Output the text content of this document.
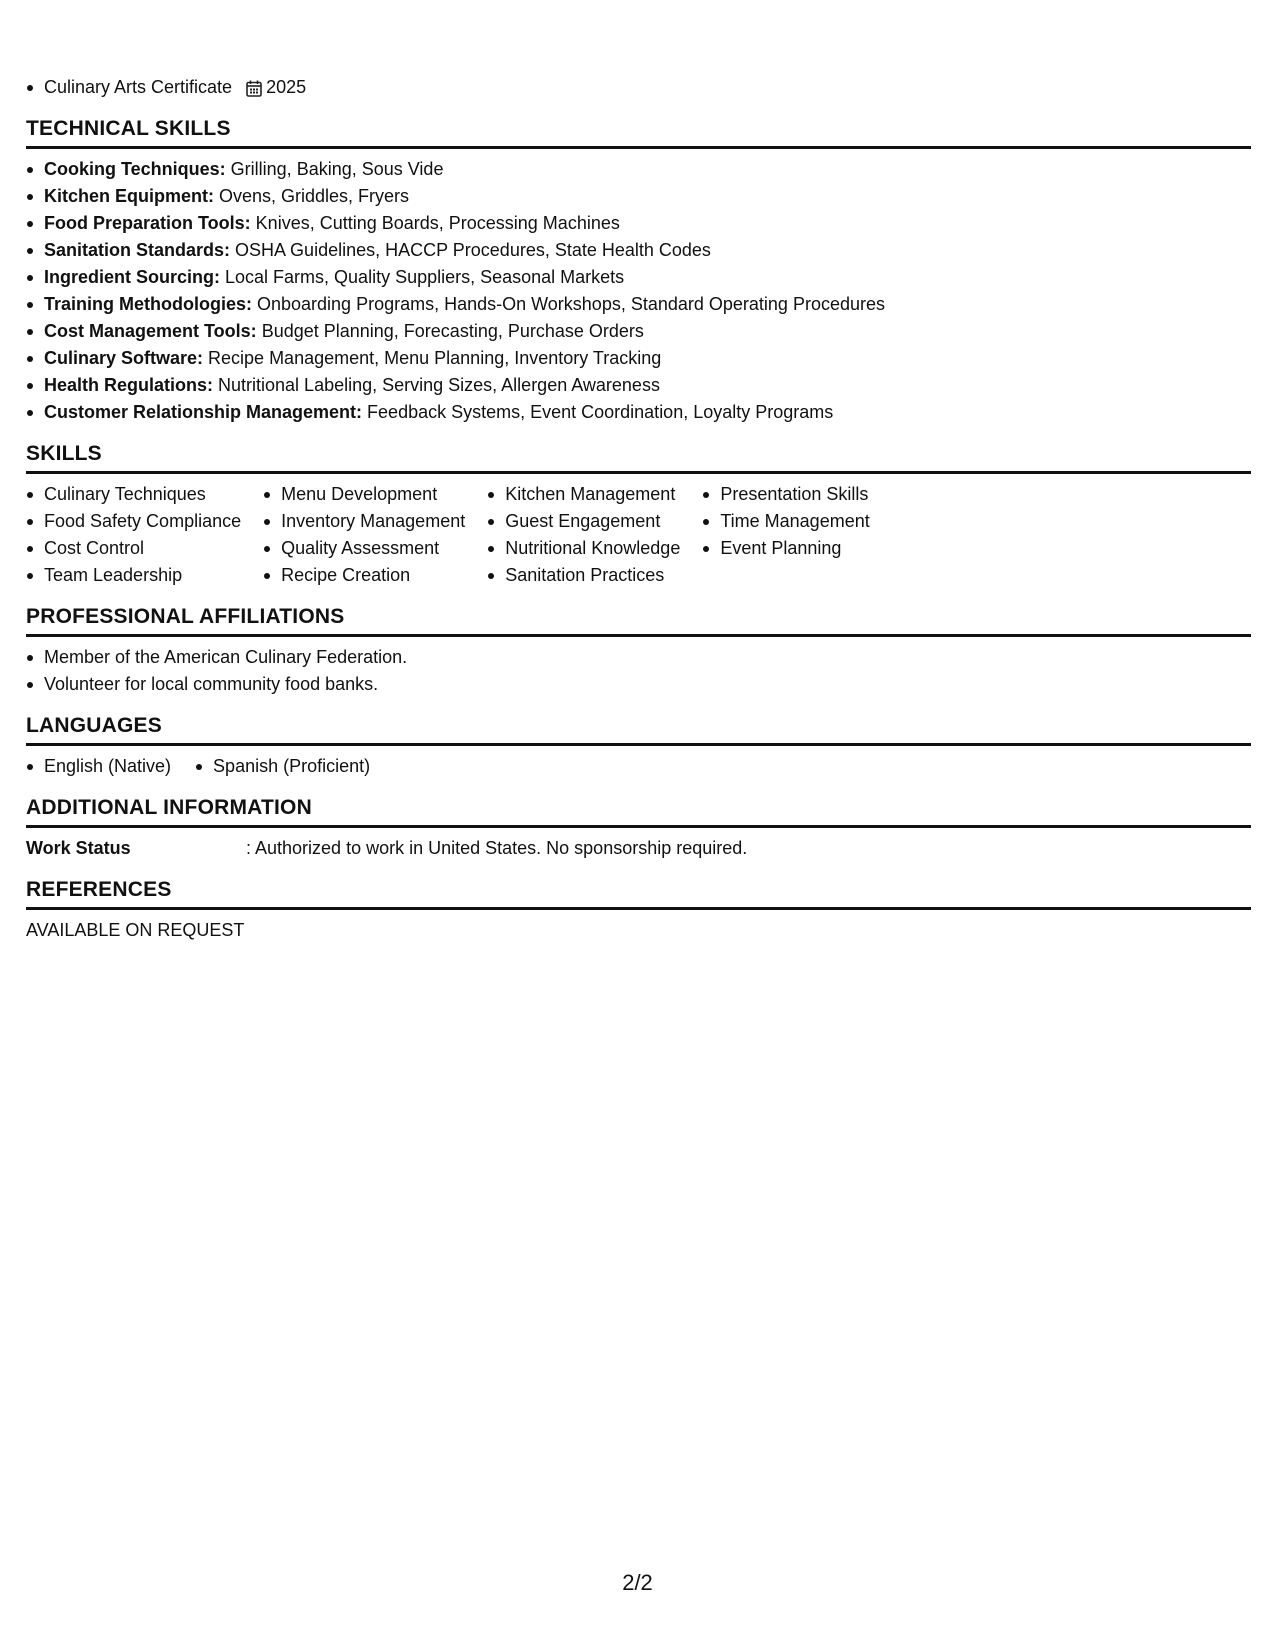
Culinary Arts Certificate 2025
TECHNICAL SKILLS
Cooking Techniques: Grilling, Baking, Sous Vide
Kitchen Equipment: Ovens, Griddles, Fryers
Food Preparation Tools: Knives, Cutting Boards, Processing Machines
Sanitation Standards: OSHA Guidelines, HACCP Procedures, State Health Codes
Ingredient Sourcing: Local Farms, Quality Suppliers, Seasonal Markets
Training Methodologies: Onboarding Programs, Hands-On Workshops, Standard Operating Procedures
Cost Management Tools: Budget Planning, Forecasting, Purchase Orders
Culinary Software: Recipe Management, Menu Planning, Inventory Tracking
Health Regulations: Nutritional Labeling, Serving Sizes, Allergen Awareness
Customer Relationship Management: Feedback Systems, Event Coordination, Loyalty Programs
SKILLS
Culinary Techniques
Food Safety Compliance
Cost Control
Team Leadership
Menu Development
Inventory Management
Quality Assessment
Recipe Creation
Kitchen Management
Guest Engagement
Nutritional Knowledge
Sanitation Practices
Presentation Skills
Time Management
Event Planning
PROFESSIONAL AFFILIATIONS
Member of the American Culinary Federation.
Volunteer for local community food banks.
LANGUAGES
English (Native)	Spanish (Proficient)
ADDITIONAL INFORMATION
Work Status	: Authorized to work in United States. No sponsorship required.
REFERENCES
AVAILABLE ON REQUEST
2/2
